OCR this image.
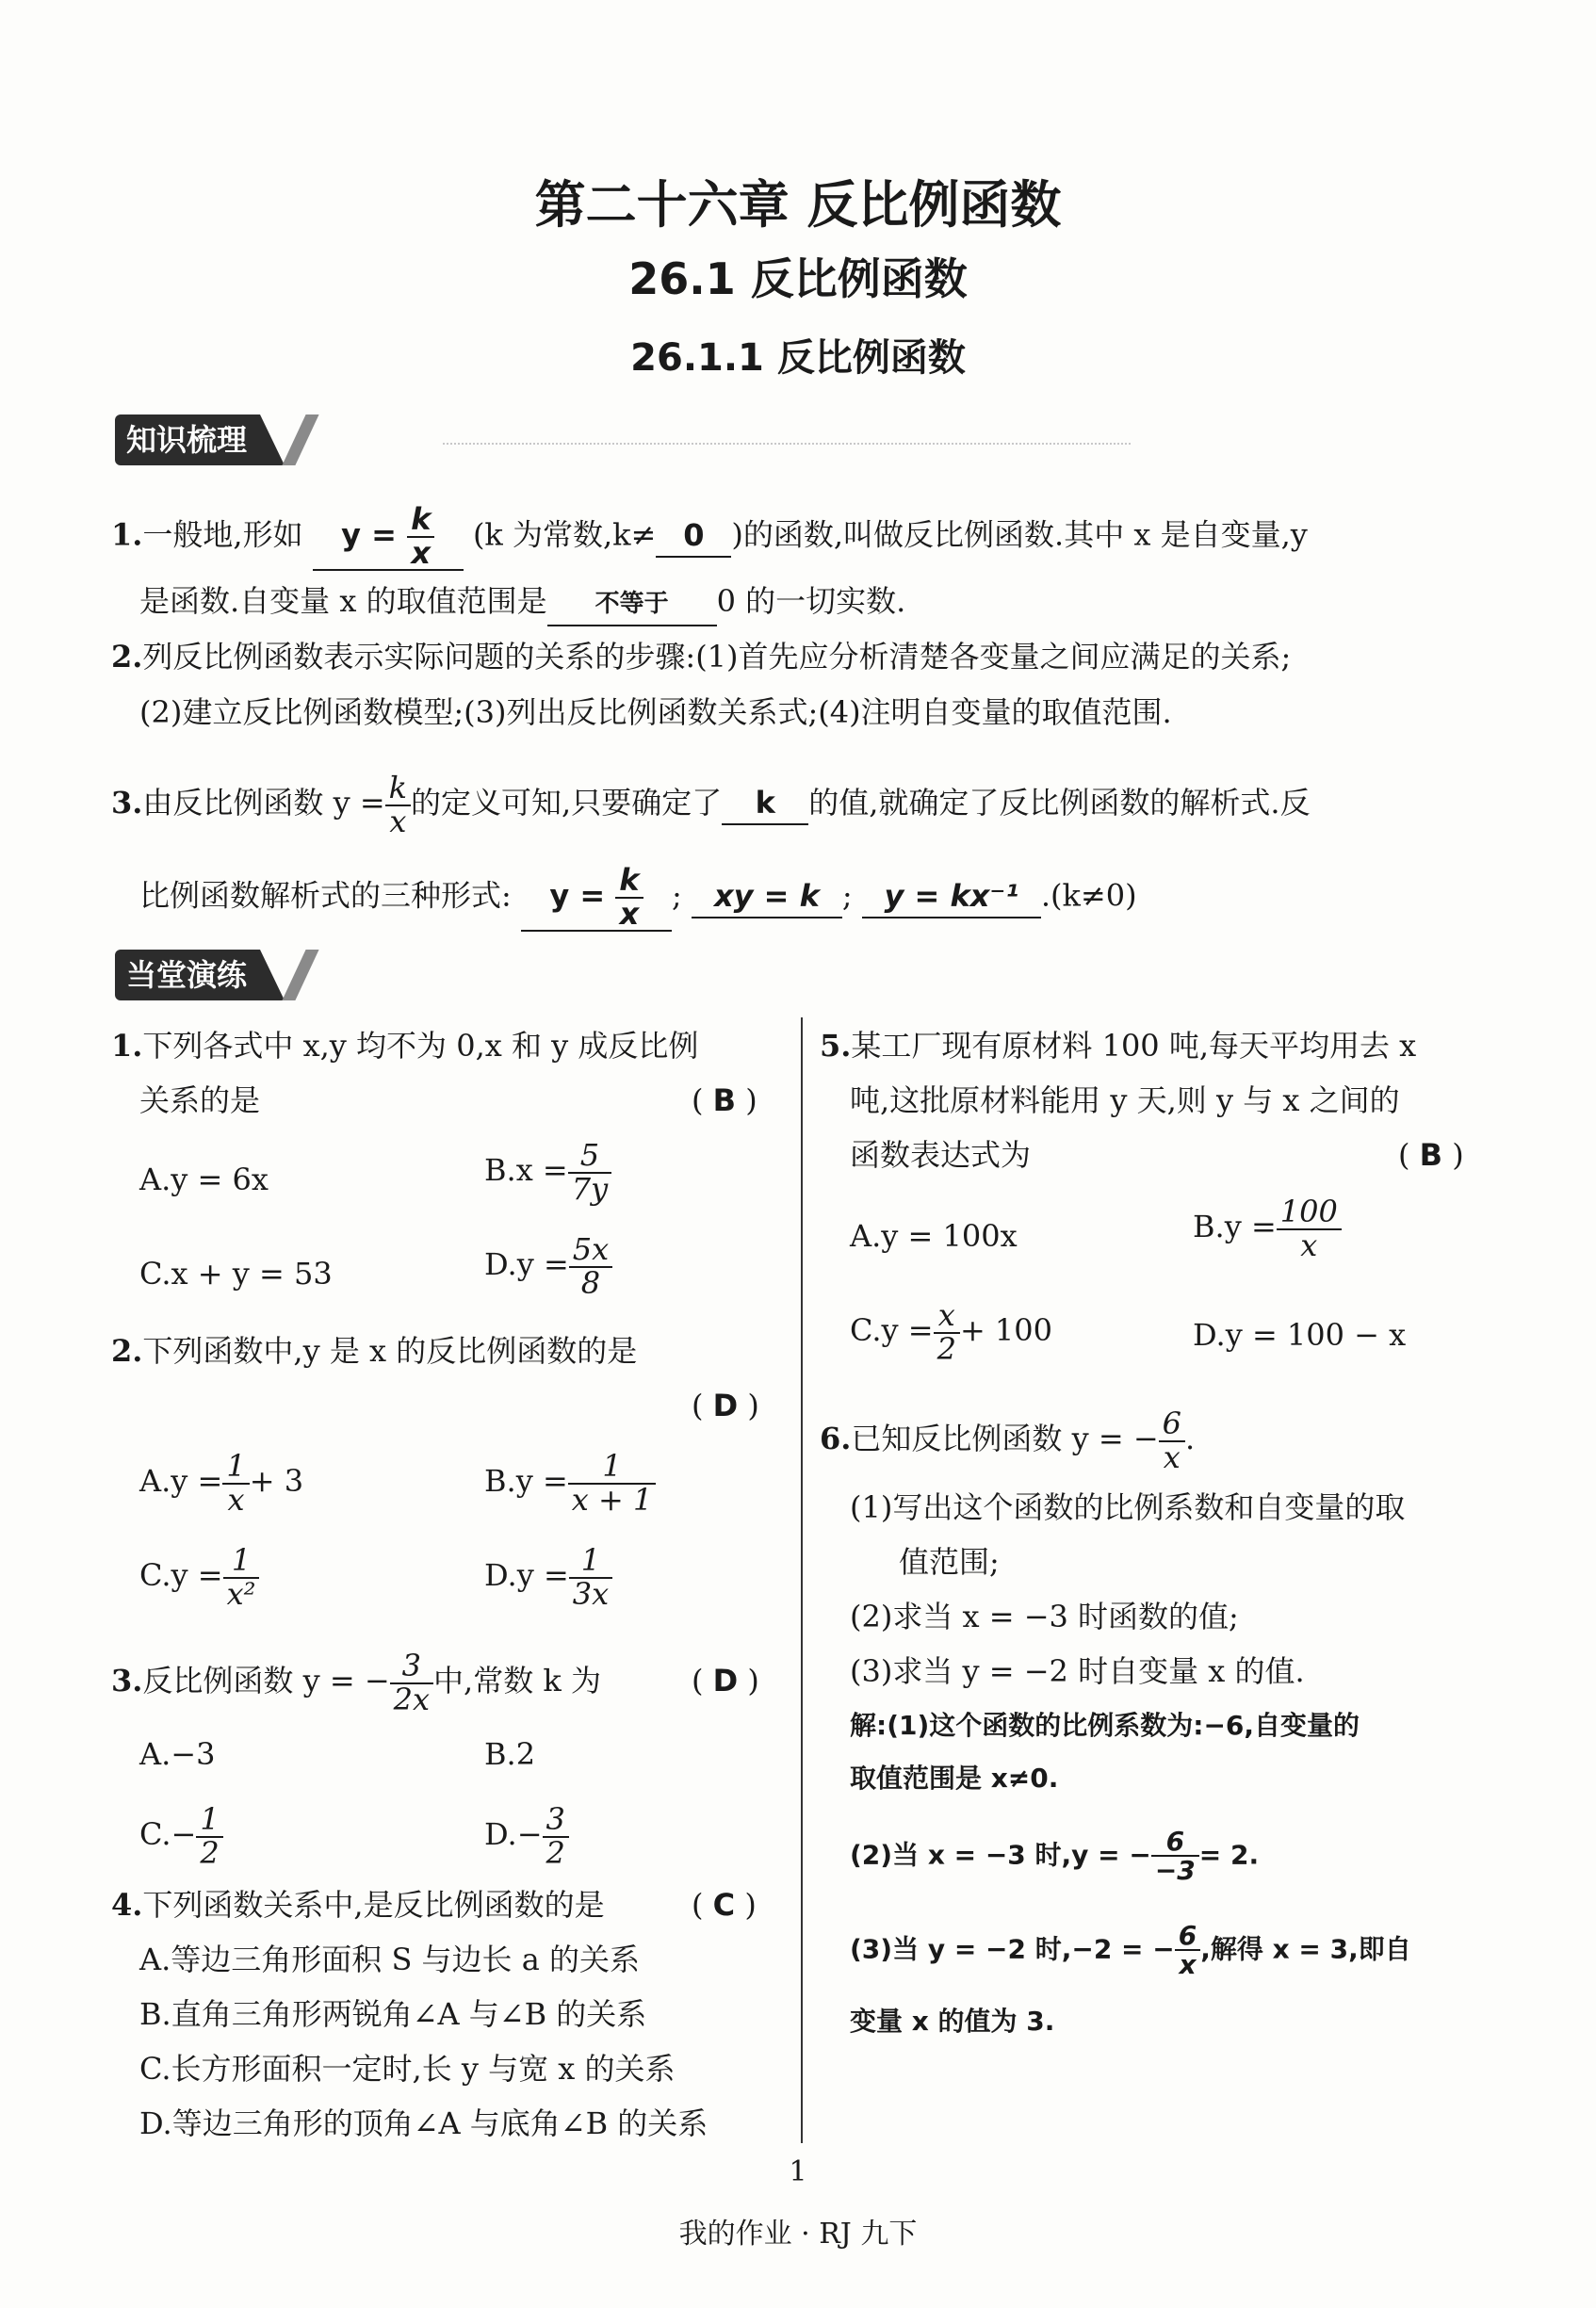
第二十六章 反比例函数
26.1 反比例函数
26.1.1 反比例函数
知识梳理
1.一般地,形如 $y = \frac{k}{x} (k$ 为常数,k≠ 0 )的函数,叫做反比例函数.其中 x 是自变量,y
是函数.自变量 x 的取值范围是 不等于 0 的一切实数.
2.列反比例函数表示实际问题的关系的步骤:(1)首先应分析清楚各变量之间应满足的关系;
(2)建立反比例函数模型;(3)列出反比例函数关系式;(4)注明自变量的取值范围.
3.由反比例函数 $y = \frac{k}{x}$ 的定义可知,只要确定了 k 的值,就确定了反比例函数的解析式.反
比例函数解析式的三种形式: $y = \frac{k}{x}$ ; xy = k ; y = kx⁻¹ .(k≠0)
当堂演练
1.下列各式中 x,y 均不为 0,x 和 y 成反比例
关系的是	( B )
A.y = 6x	$B.x = \frac{5}{7y}$
C.x + y = 53	$D.y = \frac{5x}{8}$
2.下列函数中,y 是 x 的反比例函数的是
( D )
$A.y = \frac{1}{x} + 3$	$B.y = \frac{1}{x + 1}$
$C.y = \frac{1}{\text{x²}}$	$D.y = \frac{1}{3x}$
3.反比例函数 y = − $\frac{3}{2x}$ 中,常数 k 为	( D )
A.−3	B.2
$C.- \frac{1}{2}$	$D.- \frac{3}{2}$
4.下列函数关系中,是反比例函数的是	( C )
A.等边三角形面积 S 与边长 a 的关系
B.直角三角形两锐角∠A 与∠B 的关系
C.长方形面积一定时,长 y 与宽 x 的关系
D.等边三角形的顶角∠A 与底角∠B 的关系
5.某工厂现有原材料 100 吨,每天平均用去 x
吨,这批原材料能用 y 天,则 y 与 x 之间的
函数表达式为	( B )
A.y = 100x	$B.y = \frac{100}{x}$
$C.y = \frac{x}{2} + 100$	D.y = 100 − x
6.已知反比例函数 y = − $\frac{6}{x}$ .
(1)写出这个函数的比例系数和自变量的取
值范围;
(2)求当 x = −3 时函数的值;
(3)求当 y = −2 时自变量 x 的值.
解:(1)这个函数的比例系数为:−6,自变量的
取值范围是 x≠0.
(2)当 x = −3 时,y = − $\frac{6}{-3} = 2$.
(3)当 y = −2 时,−2 = − $\frac{6}{x}$ ,解得 x = 3,即自
变量 x 的值为 3.
1
我的作业 · RJ 九下
